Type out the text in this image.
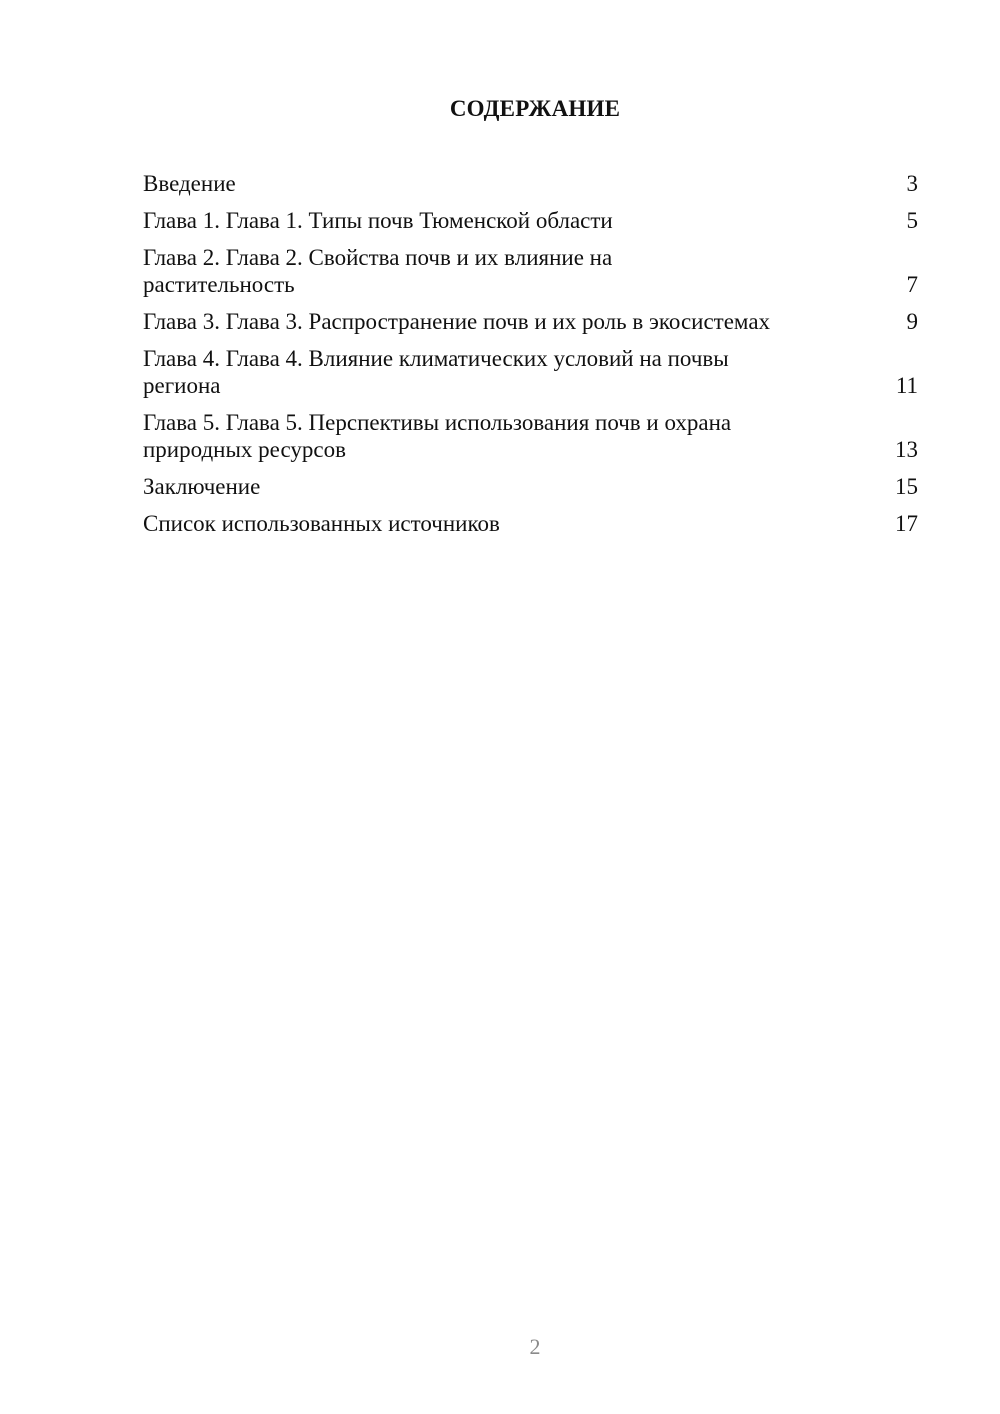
СОДЕРЖАНИЕ
Введение	3
Глава 1. Глава 1. Типы почв Тюменской области	5
Глава 2. Глава 2. Свойства почв и их влияние на растительность	7
Глава 3. Глава 3. Распространение почв и их роль в экосистемах	9
Глава 4. Глава 4. Влияние климатических условий на почвы региона	11
Глава 5. Глава 5. Перспективы использования почв и охрана природных ресурсов	13
Заключение	15
Список использованных источников	17
2
